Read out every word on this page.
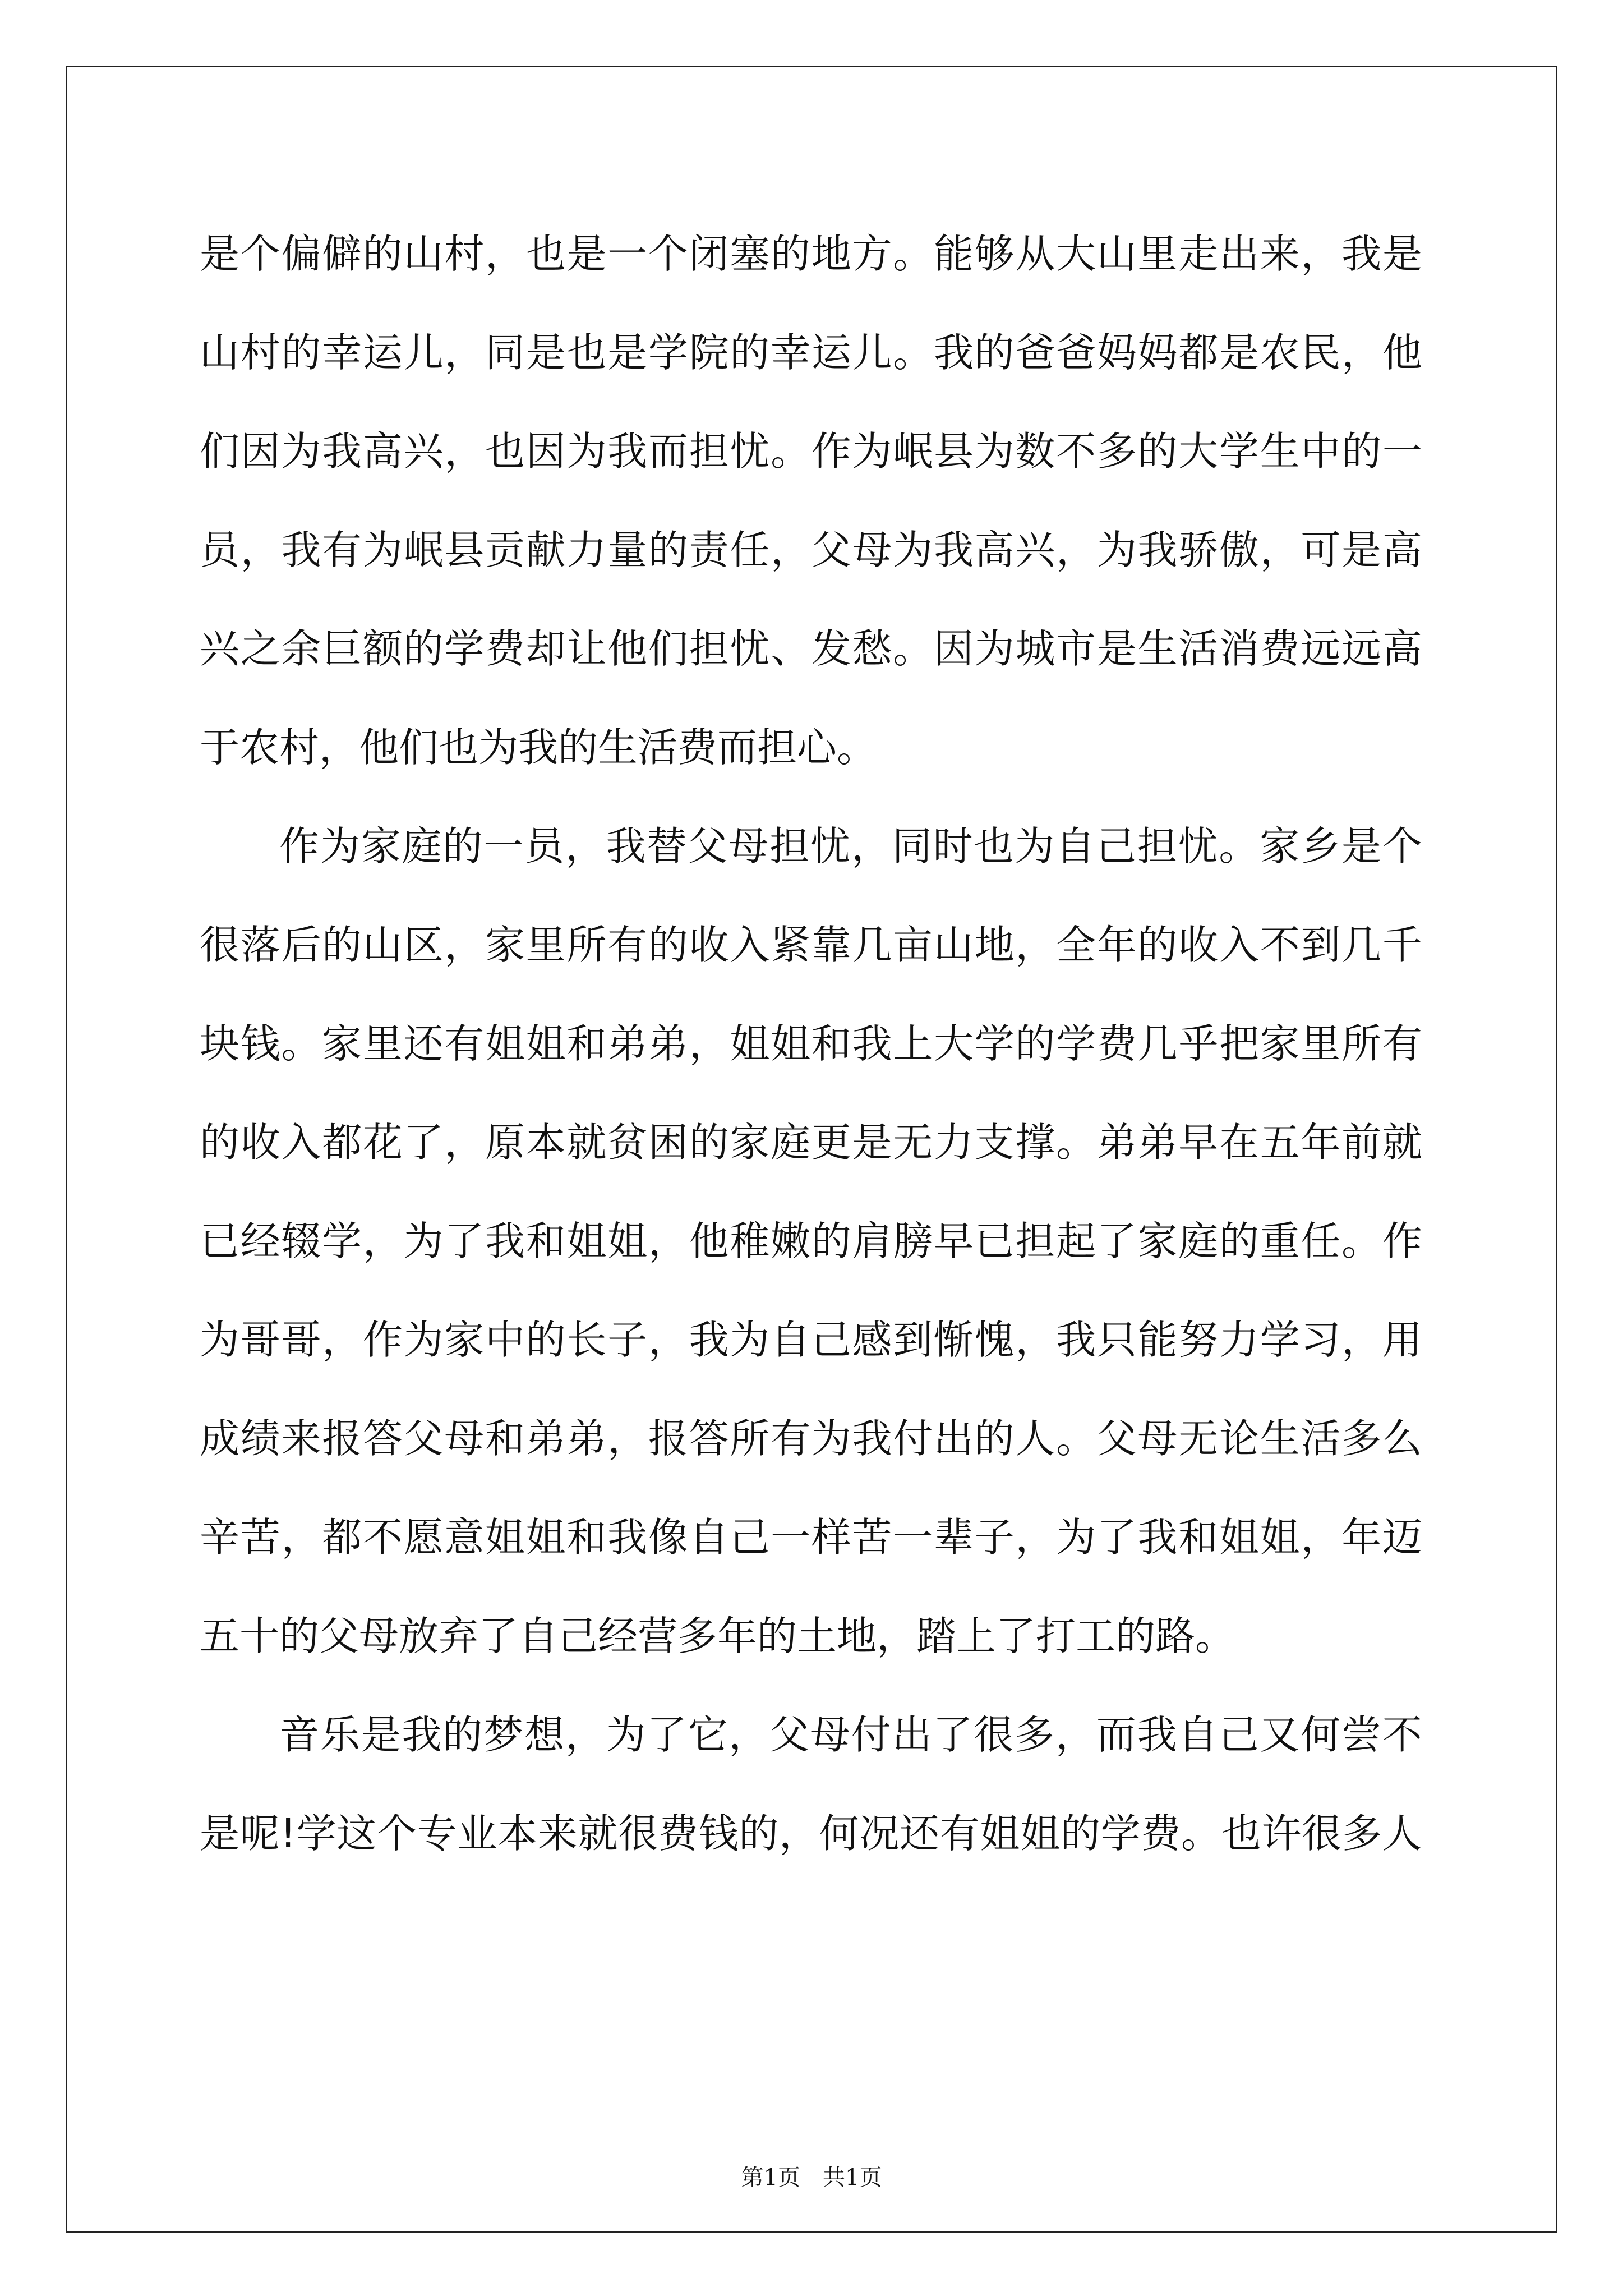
是 个 偏 僻 的 山 村 ， 也 是 一 个 闭 塞 的 地 方 。 能 够 从 大 山 里 走 出 来 ， 我 是
山 村 的 幸 运 儿 ， 同 是 也 是 学 院 的 幸 运 儿 。 我 的 爸 爸 妈 妈 都 是 农 民 ， 他
们 因 为 我 高 兴 ， 也 因 为 我 而 担 忧 。 作 为 岷 县 为 数 不 多 的 大 学 生 中 的 一
员 ， 我 有 为 岷 县 贡 献 力 量 的 责 任 ， 父 母 为 我 高 兴 ， 为 我 骄 傲 ， 可 是 高
兴 之 余 巨 额 的 学 费 却 让 他 们 担 忧 、 发 愁 。 因 为 城 市 是 生 活 消 费 远 远 高
于农村，他们也为我的生活费而担心。
作 为 家 庭 的 一 员 ， 我 替 父 母 担 忧 ， 同 时 也 为 自 己 担 忧 。 家 乡 是 个
很 落 后 的 山 区 ， 家 里 所 有 的 收 入 紧 靠 几 亩 山 地 ， 全 年 的 收 入 不 到 几 千
块 钱 。 家 里 还 有 姐 姐 和 弟 弟 ， 姐 姐 和 我 上 大 学 的 学 费 几 乎 把 家 里 所 有
的 收 入 都 花 了 ， 原 本 就 贫 困 的 家 庭 更 是 无 力 支 撑 。 弟 弟 早 在 五 年 前 就
已 经 辍 学 ， 为 了 我 和 姐 姐 ， 他 稚 嫩 的 肩 膀 早 已 担 起 了 家 庭 的 重 任 。 作
为 哥 哥 ， 作 为 家 中 的 长 子 ， 我 为 自 己 感 到 惭 愧 ， 我 只 能 努 力 学 习 ， 用
成 绩 来 报 答 父 母 和 弟 弟 ， 报 答 所 有 为 我 付 出 的 人 。 父 母 无 论 生 活 多 么
辛 苦 ， 都 不 愿 意 姐 姐 和 我 像 自 己 一 样 苦 一 辈 子 ， 为 了 我 和 姐 姐 ， 年 迈
五十的父母放弃了自己经营多年的土地，踏上了打工的路。
音 乐 是 我 的 梦 想 ， 为 了 它 ， 父 母 付 出 了 很 多 ， 而 我 自 己 又 何 尝 不
是 呢 ! 学 这 个 专 业 本 来 就 很 费 钱 的 ， 何 况 还 有 姐 姐 的 学 费 。 也 许 很 多 人
第1页 共1页
